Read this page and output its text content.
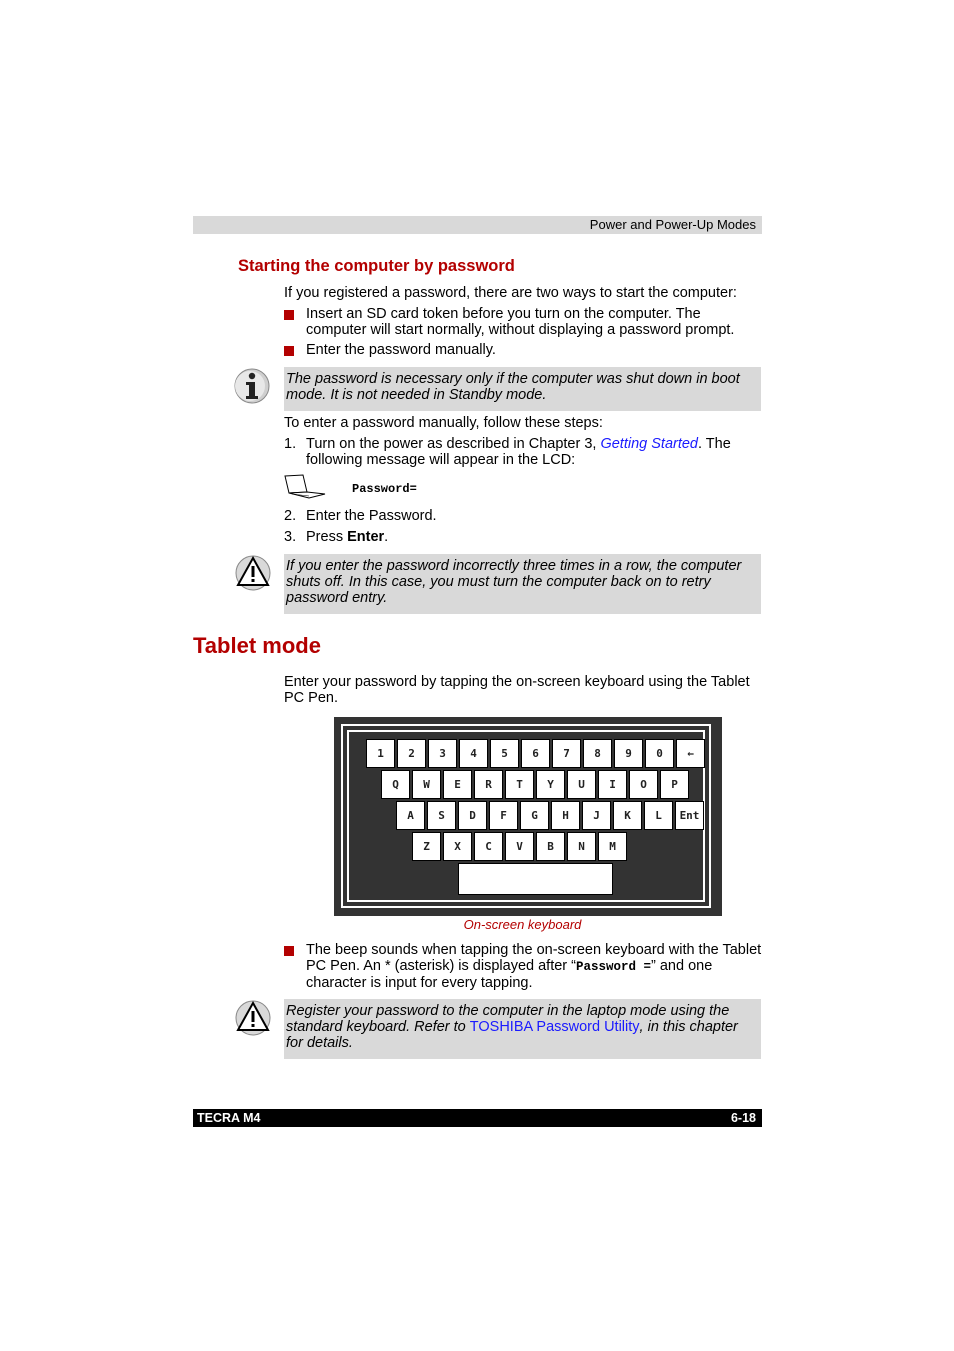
Power and Power-Up Modes
Starting the computer by password
If you registered a password, there are two ways to start the computer:
Insert an SD card token before you turn on the computer. The computer will start normally, without displaying a password prompt.
Enter the password manually.
The password is necessary only if the computer was shut down in boot mode. It is not needed in Standby mode.
To enter a password manually, follow these steps:
1. Turn on the power as described in Chapter 3, Getting Started. The following message will appear in the LCD:
Password=
2. Enter the Password.
3. Press Enter.
If you enter the password incorrectly three times in a row, the computer shuts off. In this case, you must turn the computer back on to retry password entry.
Tablet mode
Enter your password by tapping the on-screen keyboard using the Tablet PC Pen.
1	2	3	4	5	6	7	8	9	0	←
Q	W	E	R	T	Y	U	I	O	P
A	S	D	F	G	H	J	K	L	Ent
Z	X	C	V	B	N	M
On-screen keyboard
The beep sounds when tapping the on-screen keyboard with the Tablet PC Pen. An * (asterisk) is displayed after “Password =” and one character is input for every tapping.
Register your password to the computer in the laptop mode using the standard keyboard. Refer to TOSHIBA Password Utility, in this chapter for details.
TECRA M4	6-18
